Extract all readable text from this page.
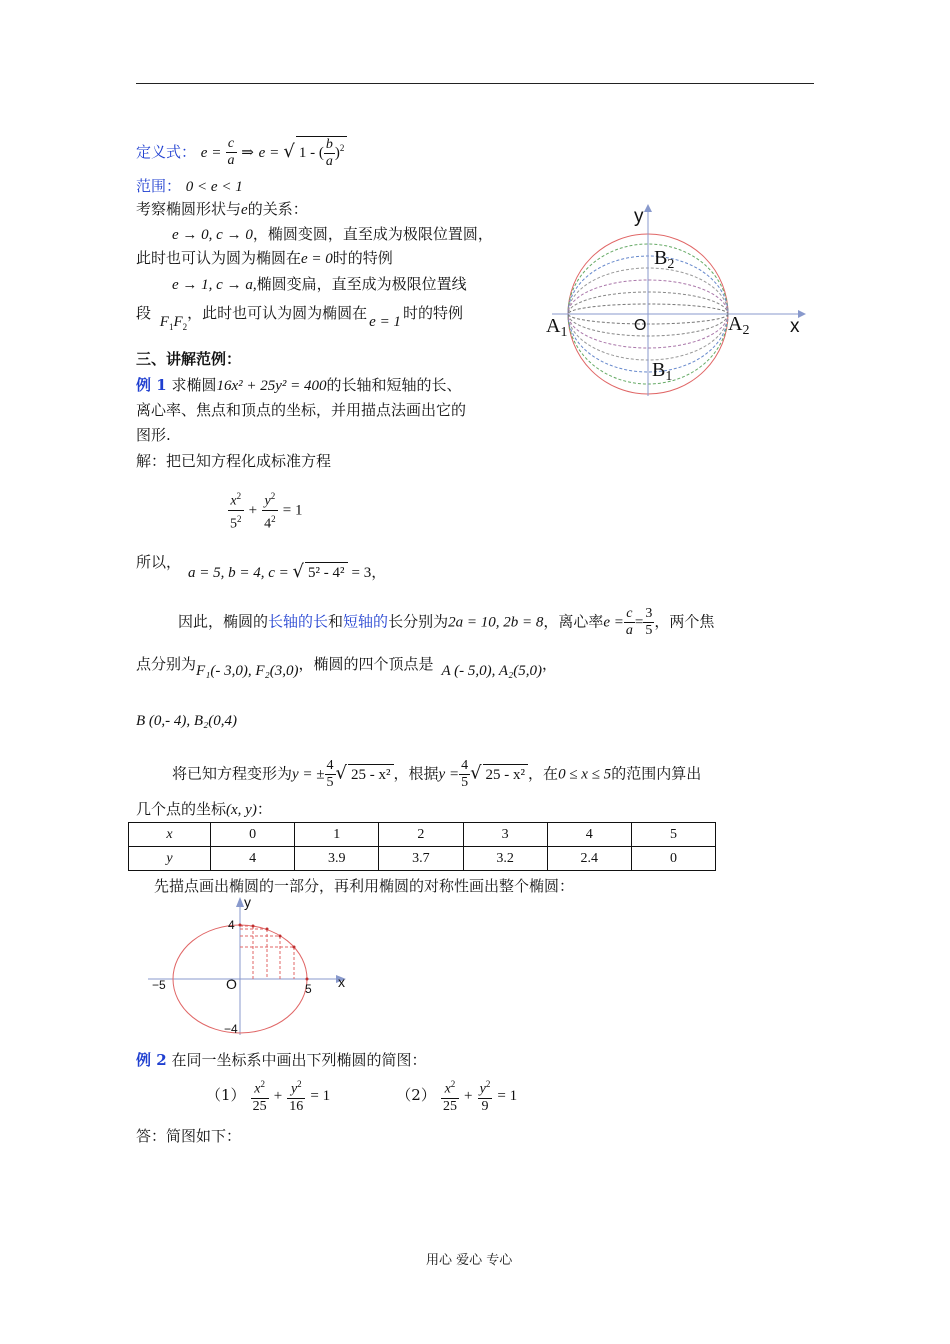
定义式： $e = \frac{c}{a}$ ⇒ e = √ 1 - ( $\frac{b}{a} )^2$
范围： 0 < e < 1
考察椭圆形状与e的关系：
e → 0, c → 0，椭圆变圆，直至成为极限位置圆，
此时也可认为圆为椭圆在e = 0时的特例
e → 1, c → a,椭圆变扁，直至成为极限位置线
段 $F_1F_2$，此时也可认为圆为椭圆在 e = 1 时的特例
y
x
O
$B_2$
$B_1$
$A_1$	$A_2$
三、讲解范例：
例 1 求椭圆16x² + 25y² = 400的长轴和短轴的长、
离心率、焦点和顶点的坐标，并用描点法画出它的
图形.
解：把已知方程化成标准方程
$\frac{x^2}{5^2} + \frac{y^2}{4^2} = 1$
所以，
a = 5, b = 4, c = √ 5² - 4² = 3，
因此，椭圆的长轴的长和短轴的长分别为2a = 10, 2b = 8，离心率$e = \frac{c}{a} = \frac{3}{5}$ ，两个焦
点分别为F₁(- 3,0), F₂(3,0)，椭圆的四个顶点是 A (- 5,0), A₂(5,0)，
B (0,- 4), B₂(0,4)
将已知方程变形为y = ± $\frac{4}{5}$ √ 25 - x² ，根据$y = \frac{4}{5}$ √ 25 - x² ，在0 ≤ x ≤ 5的范围内算出
几个点的坐标(x, y)：
x	0	1	2	3	4	5
y	4	3.9	3.7	3.2	2.4	0
先描点画出椭圆的一部分，再利用椭圆的对称性画出整个椭圆：
y
x
O
4
−4
−5	5
例 2 在同一坐标系中画出下列椭圆的简图：
$(1) \frac{x^2}{25} + \frac{y^2}{16} = 1$	$(2) \frac{x^2}{25} + \frac{y^2}{9} = 1$
答：简图如下：
用心 爱心 专心
